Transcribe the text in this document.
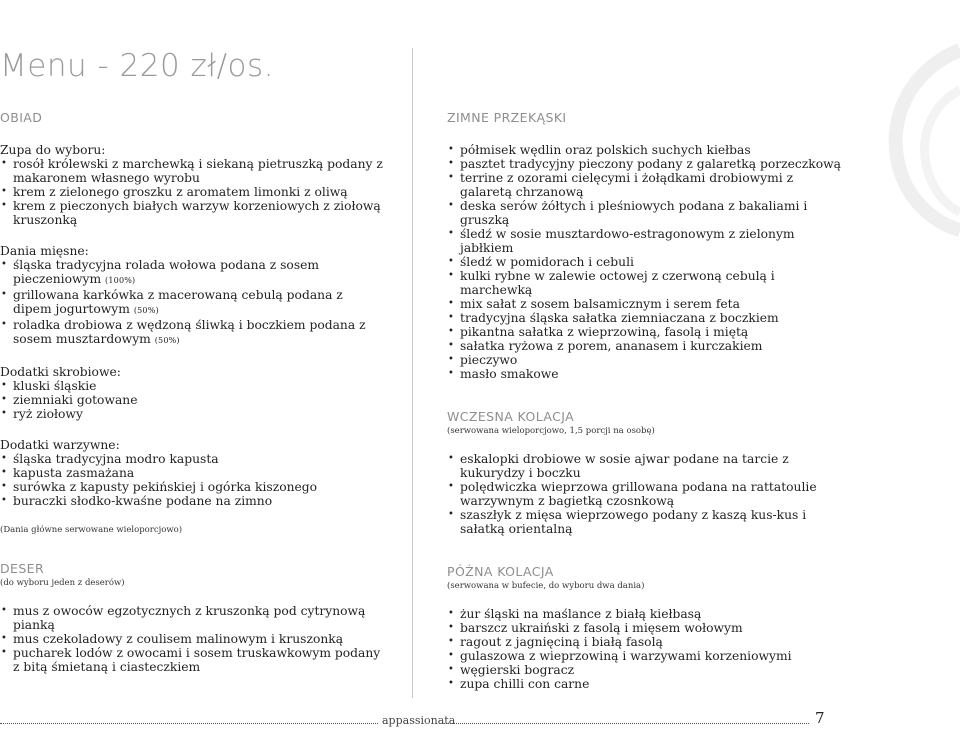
Menu - 220 zł/os.
OBIAD

Zupa do wyboru:

• rosół królewski z marchewką i siekaną pietruszką podany z makaronem własnego wyrobu
• krem z zielonego groszku z aromatem limonki z oliwą
• krem z pieczonych białych warzyw korzeniowych z ziołową kruszonką

Dania mięsne:

• śląska tradycyjna rolada wołowa podana z sosem pieczeniowym (100%)
• grillowana karkówka z macerowaną cebulą podana z dipem jogurtowym (50%)
• roladka drobiowa z wędzoną śliwką i boczkiem podana z sosem musztardowym (50%)

Dodatki skrobiowe:

• kluski śląskie
• ziemniaki gotowane
• ryż ziołowy

Dodatki warzywne:

• śląska tradycyjna modro kapusta
• kapusta zasmażana
• surówka z kapusty pekińskiej i ogórka kiszonego
• buraczki słodko-kwaśne podane na zimno

(Dania główne serwowane wieloporcjowo)

DESER

(do wyboru jeden z deserów)

• mus z owoców egzotycznych z kruszonką pod cytrynową pianką
• mus czekoladowy z coulisem malinowym i kruszonką
• pucharek lodów z owocami i sosem truskawkowym podany z bitą śmietaną i ciasteczkiem
ZIMNE PRZEKĄSKI
• półmisek wędlin oraz polskich suchych kiełbas
• pasztet tradycyjny pieczony podany z galaretką porzeczkową
• terrine z ozorami cielęcymi i żołądkami drobiowymi z galaretą chrzanową
• deska serów żółtych i pleśniowych podana z bakaliami i gruszką
• śledź w sosie musztardowo-estragonowym z zielonym jabłkiem
• śledź w pomidorach i cebuli
• kulki rybne w zalewie octowej z czerwoną cebulą i marchewką
• mix sałat z sosem balsamicznym i serem feta
• tradycyjna śląska sałatka ziemniaczana z boczkiem
• pikantna sałatka z wieprzowiną, fasolą i miętą
• sałatka ryżowa z porem, ananasem i kurczakiem
• pieczywo
• masło smakowe
WCZESNA KOLACJA

(serwowana wieloporcjowo, 1,5 porcji na osobę)

• eskalopki drobiowe w sosie ajwar podane na tarcie z kukurydzy i boczku
• polędwiczka wieprzowa grillowana podana na rattatoulie warzywnym z bagietką czosnkową
• szaszłyk z mięsa wieprzowego podany z kaszą kus-kus i sałatką orientalną
PÓŹNA KOLACJA

(serwowana w bufecie, do wyboru dwa dania)

• żur śląski na maślance z białą kiełbasą
• barszcz ukraiński z fasolą i mięsem wołowym
• ragout z jagnięciną i białą fasolą
• gulaszowa z wieprzowiną i warzywami korzeniowymi
• węgierski bogracz
• zupa chilli con carne
appassionata	7
